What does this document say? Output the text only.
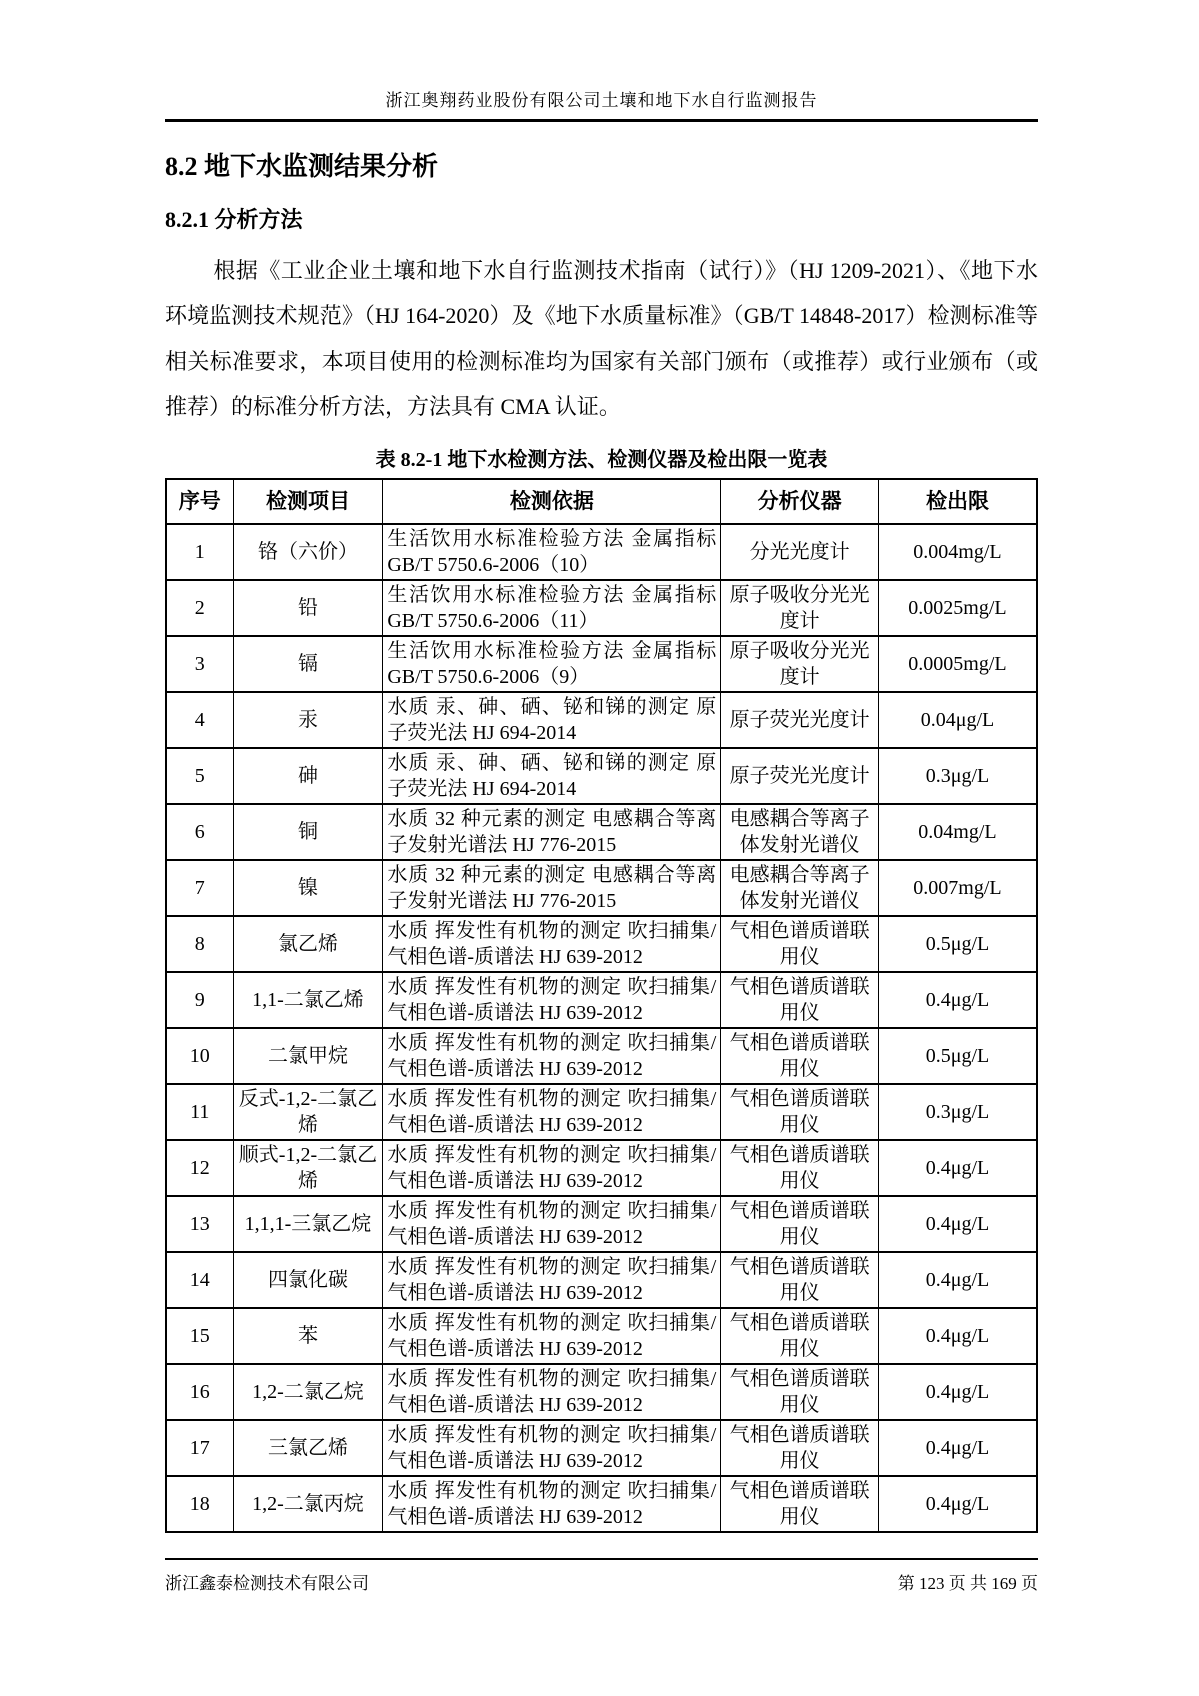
浙江奥翔药业股份有限公司土壤和地下水自行监测报告
8.2 地下水监测结果分析
8.2.1 分析方法

根据《工业企业土壤和地下水自行监测技术指南（试行）》（HJ 1209-2021）、《地下水环境监测技术规范》（HJ 164-2020）及《地下水质量标准》（GB/T 14848-2017）检测标准等相关标准要求，本项目使用的检测标准均为国家有关部门颁布（或推荐）或行业颁布（或推荐）的标准分析方法，方法具有 CMA 认证。

表 8.2-1 地下水检测方法、检测仪器及检出限一览表
序号	检测项目	检测依据	分析仪器	检出限
1	铬（六价）	生活饮用水标准检验方法 金属指标 GB/T 5750.6-2006（10）	分光光度计	0.004mg/L
2	铅	生活饮用水标准检验方法 金属指标 GB/T 5750.6-2006（11）	原子吸收分光光度计	0.0025mg/L
3	镉	生活饮用水标准检验方法 金属指标 GB/T 5750.6-2006（9）	原子吸收分光光度计	0.0005mg/L
4	汞	水质 汞、砷、硒、铋和锑的测定 原子荧光法 HJ 694-2014	原子荧光光度计	0.04μg/L
5	砷	水质 汞、砷、硒、铋和锑的测定 原子荧光法 HJ 694-2014	原子荧光光度计	0.3μg/L
6	铜	水质 32 种元素的测定 电感耦合等离子发射光谱法 HJ 776-2015	电感耦合等离子体发射光谱仪	0.04mg/L
7	镍	水质 32 种元素的测定 电感耦合等离子发射光谱法 HJ 776-2015	电感耦合等离子体发射光谱仪	0.007mg/L
8	氯乙烯	水质 挥发性有机物的测定 吹扫捕集/气相色谱-质谱法 HJ 639-2012	气相色谱质谱联用仪	0.5μg/L
9	1,1-二氯乙烯	水质 挥发性有机物的测定 吹扫捕集/气相色谱-质谱法 HJ 639-2012	气相色谱质谱联用仪	0.4μg/L
10	二氯甲烷	水质 挥发性有机物的测定 吹扫捕集/气相色谱-质谱法 HJ 639-2012	气相色谱质谱联用仪	0.5μg/L
11	反式-1,2-二氯乙烯	水质 挥发性有机物的测定 吹扫捕集/气相色谱-质谱法 HJ 639-2012	气相色谱质谱联用仪	0.3μg/L
12	顺式-1,2-二氯乙烯	水质 挥发性有机物的测定 吹扫捕集/气相色谱-质谱法 HJ 639-2012	气相色谱质谱联用仪	0.4μg/L
13	1,1,1-三氯乙烷	水质 挥发性有机物的测定 吹扫捕集/气相色谱-质谱法 HJ 639-2012	气相色谱质谱联用仪	0.4μg/L
14	四氯化碳	水质 挥发性有机物的测定 吹扫捕集/气相色谱-质谱法 HJ 639-2012	气相色谱质谱联用仪	0.4μg/L
15	苯	水质 挥发性有机物的测定 吹扫捕集/气相色谱-质谱法 HJ 639-2012	气相色谱质谱联用仪	0.4μg/L
16	1,2-二氯乙烷	水质 挥发性有机物的测定 吹扫捕集/气相色谱-质谱法 HJ 639-2012	气相色谱质谱联用仪	0.4μg/L
17	三氯乙烯	水质 挥发性有机物的测定 吹扫捕集/气相色谱-质谱法 HJ 639-2012	气相色谱质谱联用仪	0.4μg/L
18	1,2-二氯丙烷	水质 挥发性有机物的测定 吹扫捕集/气相色谱-质谱法 HJ 639-2012	气相色谱质谱联用仪	0.4μg/L
浙江鑫泰检测技术有限公司	第 123 页 共 169 页
